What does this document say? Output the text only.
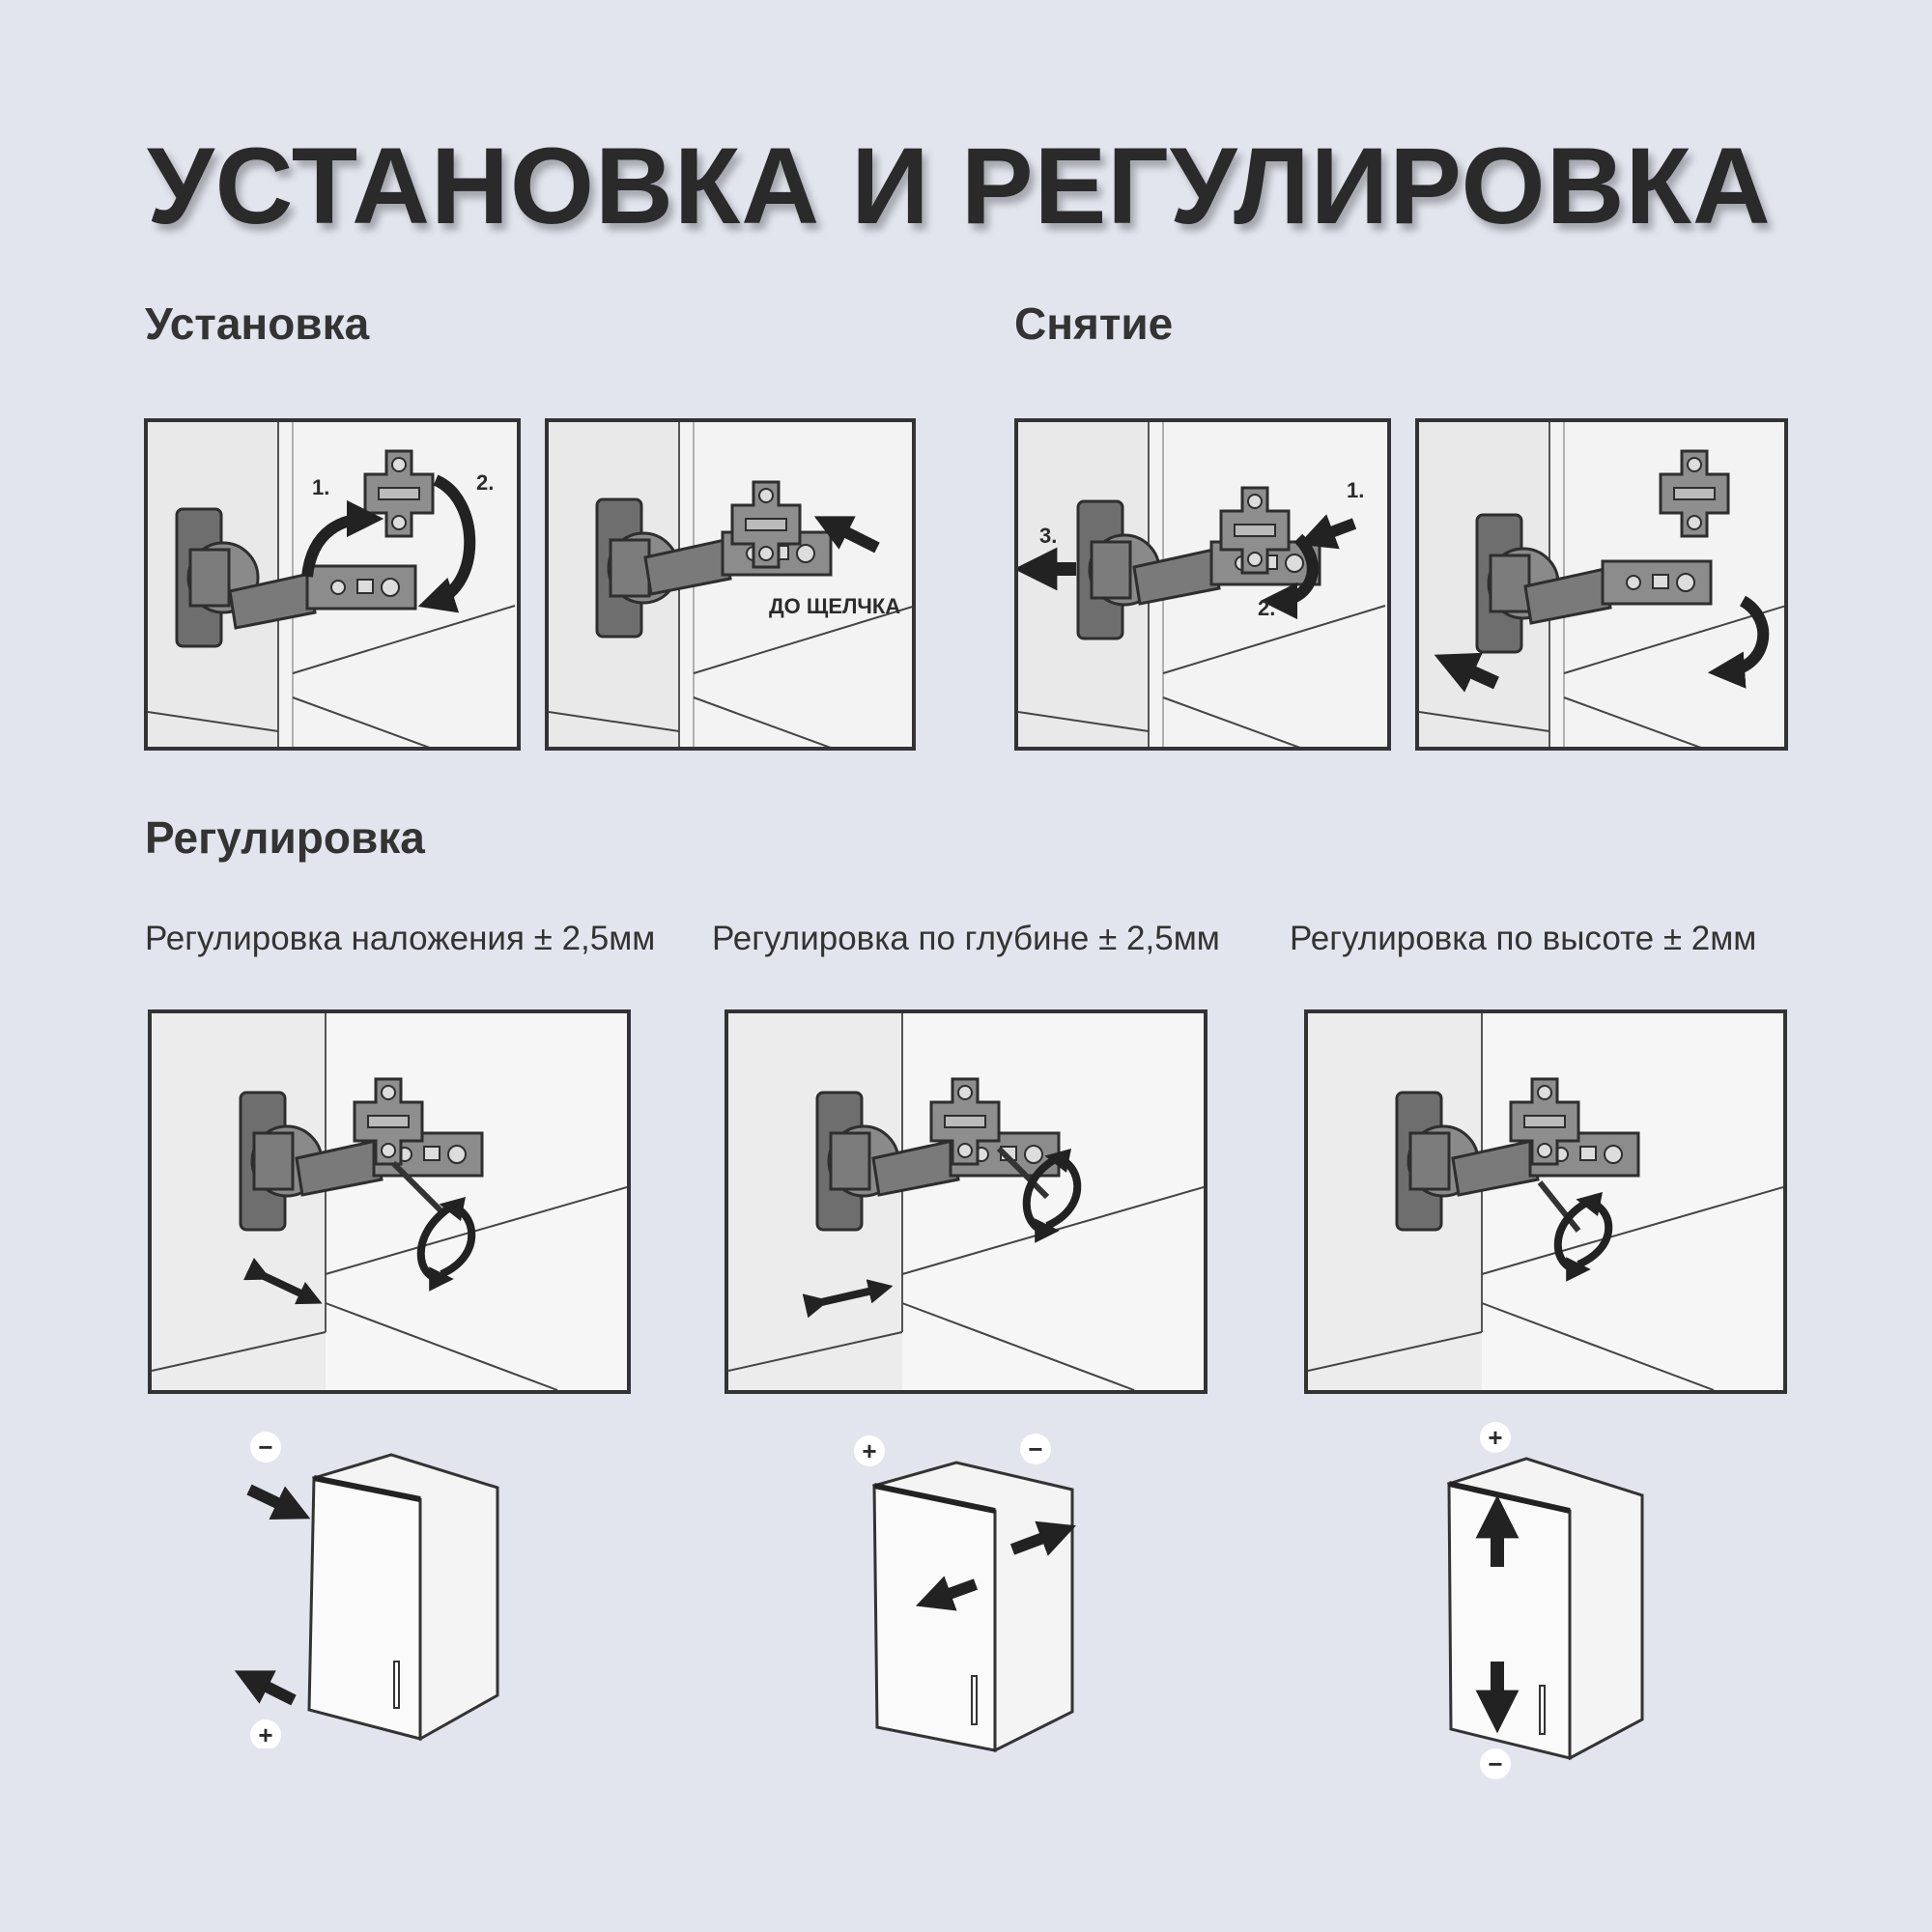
УСТАНОВКА И РЕГУЛИРОВКА
Установка	Снятие
1.	2.
ДО ЩЕЛЧКА
1.
2.
3.
Регулировка

Регулировка наложения ± 2,5мм Регулировка по глубине ± 2,5мм Регулировка по высоте ± 2мм

−
+
+	−	+
−
